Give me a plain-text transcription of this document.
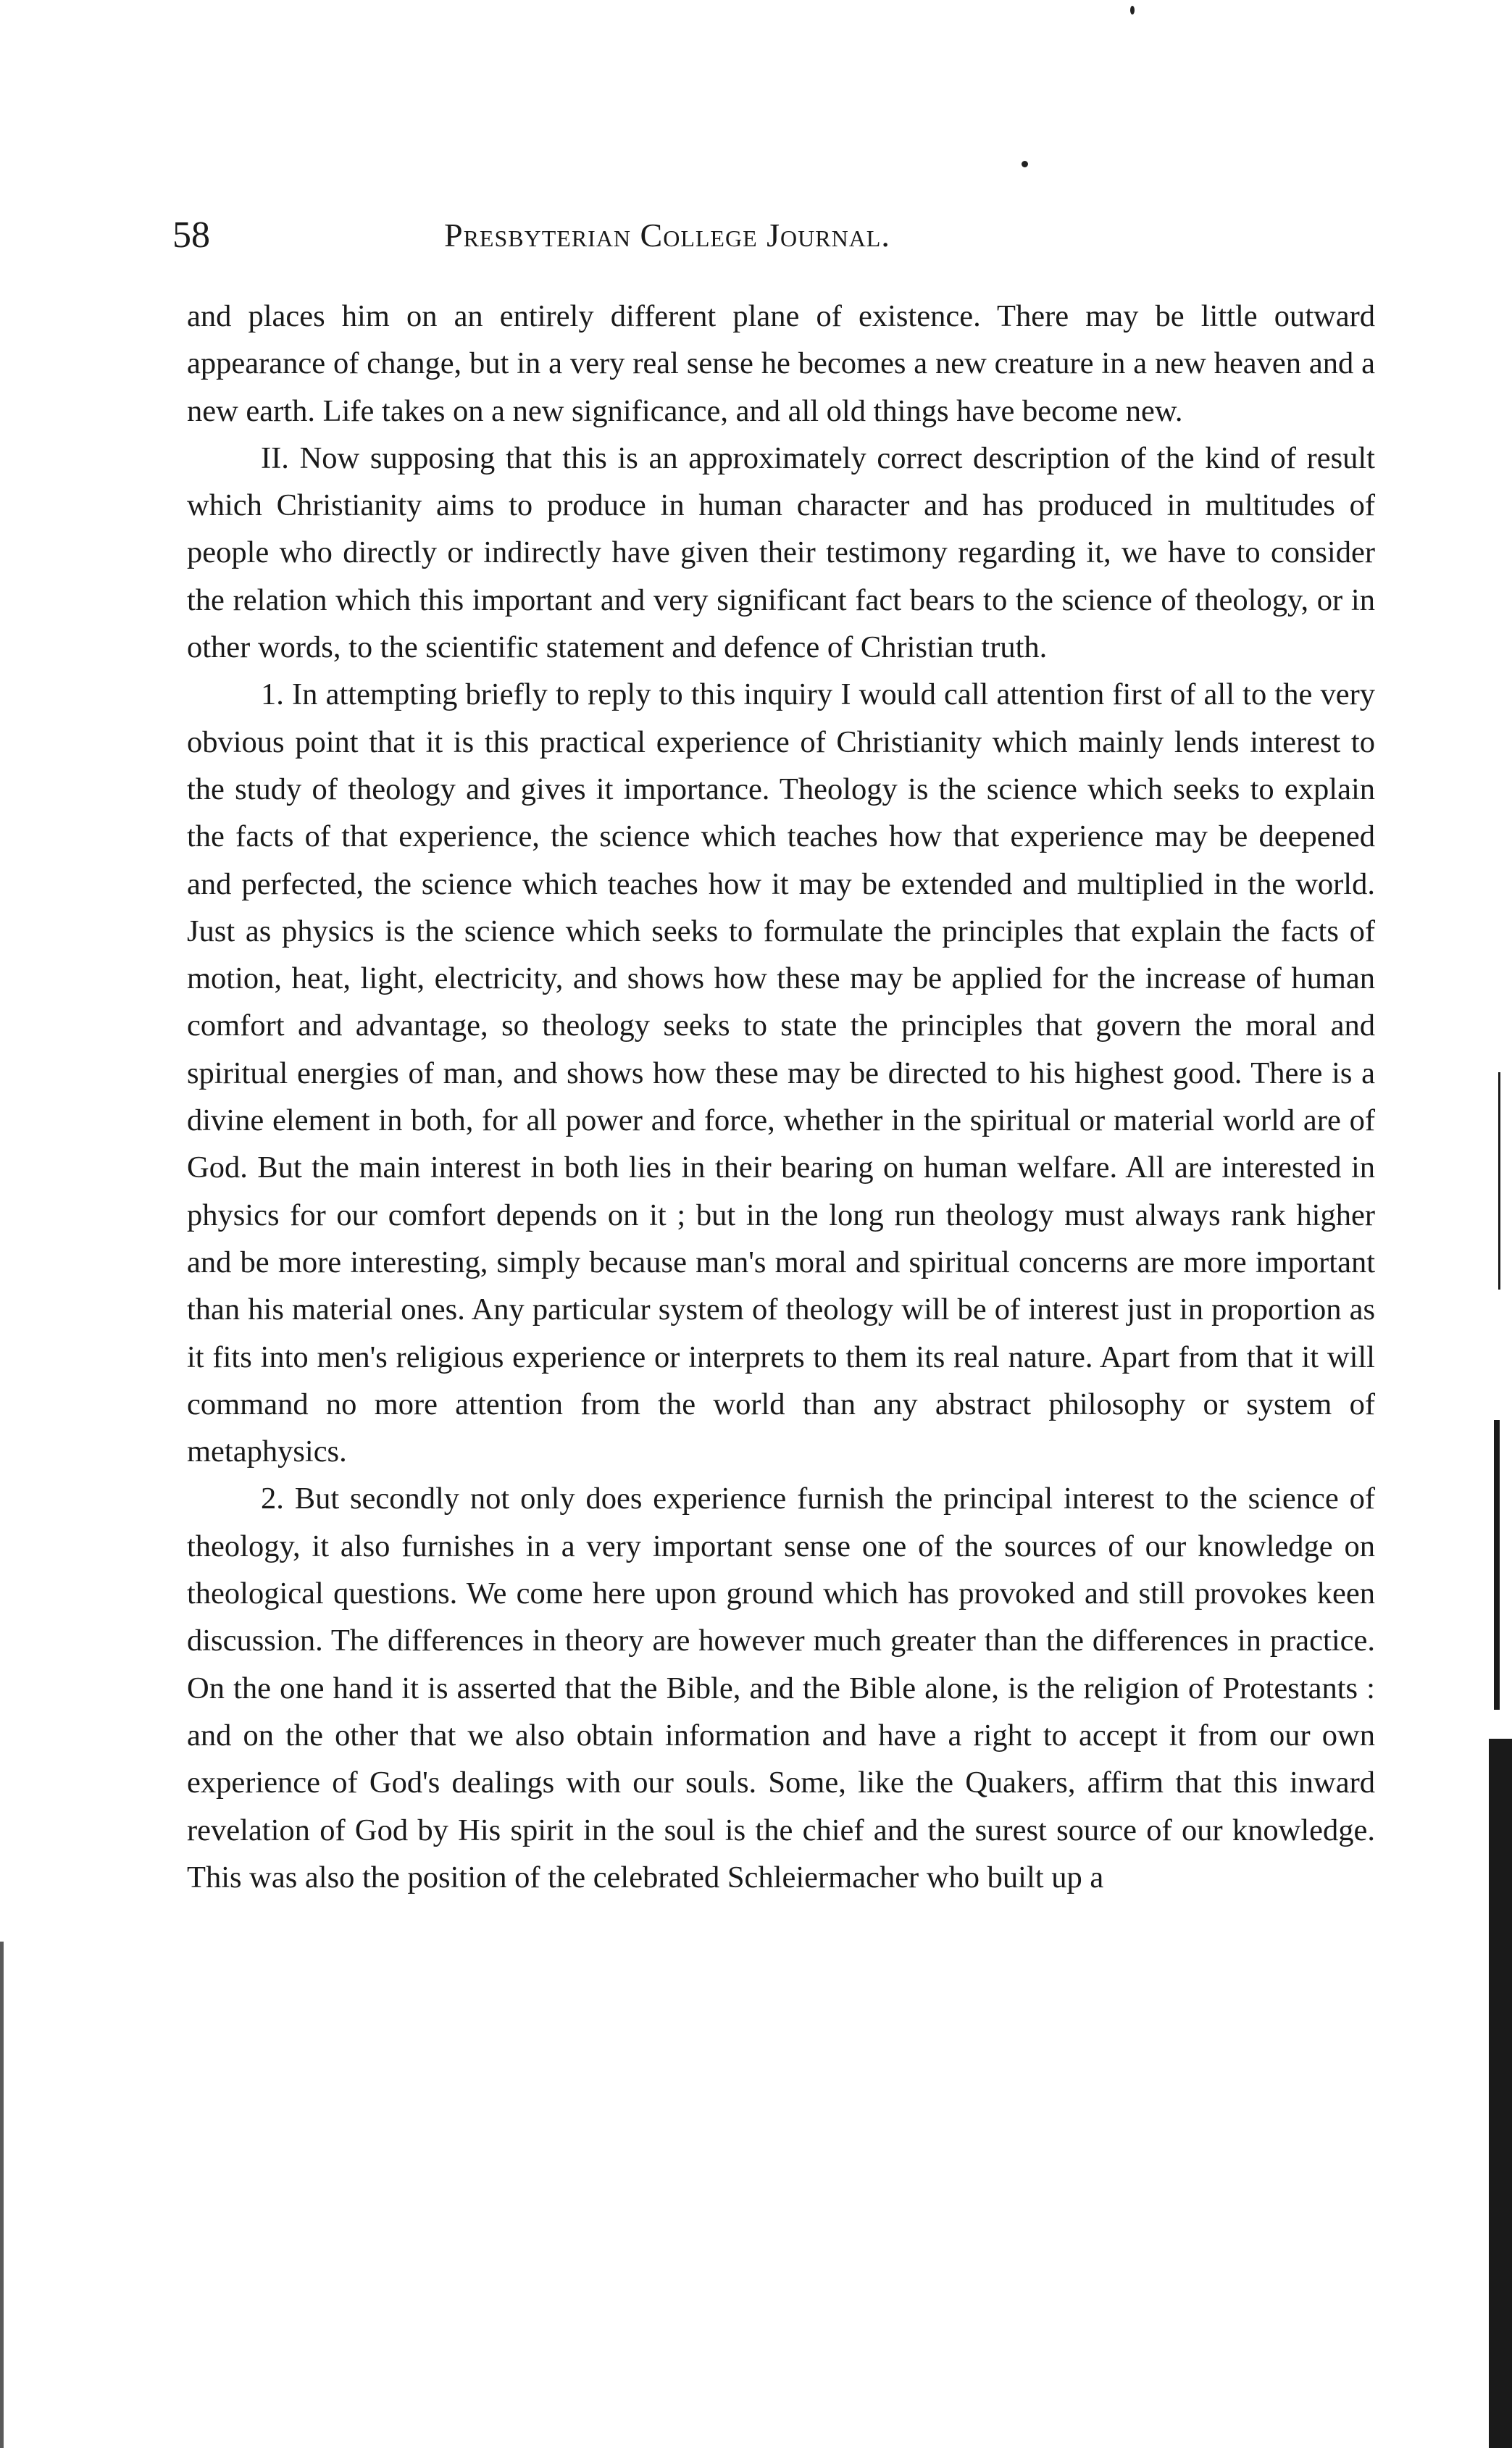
58	Presbyterian College Journal.

and places him on an entirely different plane of existence. There may be little outward appearance of change, but in a very real sense he becomes a new creature in a new heaven and a new earth. Life takes on a new significance, and all old things have become new.

II. Now supposing that this is an approximately correct description of the kind of result which Christianity aims to produce in human character and has produced in multitudes of people who directly or indirectly have given their testimony regarding it, we have to consider the relation which this important and very significant fact bears to the science of theology, or in other words, to the scientific statement and defence of Christian truth.

1. In attempting briefly to reply to this inquiry I would call attention first of all to the very obvious point that it is this practical experience of Christianity which mainly lends interest to the study of theology and gives it importance. Theology is the science which seeks to explain the facts of that experience, the science which teaches how that experience may be deepened and perfected, the science which teaches how it may be extended and multiplied in the world. Just as physics is the science which seeks to formulate the principles that explain the facts of motion, heat, light, electricity, and shows how these may be applied for the increase of human comfort and advantage, so theology seeks to state the principles that govern the moral and spiritual energies of man, and shows how these may be directed to his highest good. There is a divine element in both, for all power and force, whether in the spiritual or material world are of God. But the main interest in both lies in their bearing on human welfare. All are interested in physics for our comfort depends on it ; but in the long run theology must always rank higher and be more interesting, simply because man's moral and spiritual concerns are more important than his material ones. Any particular system of theology will be of interest just in proportion as it fits into men's religious experience or interprets to them its real nature. Apart from that it will command no more attention from the world than any abstract philosophy or system of metaphysics.

2. But secondly not only does experience furnish the principal interest to the science of theology, it also furnishes in a very important sense one of the sources of our knowledge on theological questions. We come here upon ground which has provoked and still provokes keen discussion. The differences in theory are however much greater than the differences in practice. On the one hand it is asserted that the Bible, and the Bible alone, is the religion of Protestants : and on the other that we also obtain information and have a right to accept it from our own experience of God's dealings with our souls. Some, like the Quakers, affirm that this inward revelation of God by His spirit in the soul is the chief and the surest source of our knowledge. This was also the position of the celebrated Schleiermacher who built up a
